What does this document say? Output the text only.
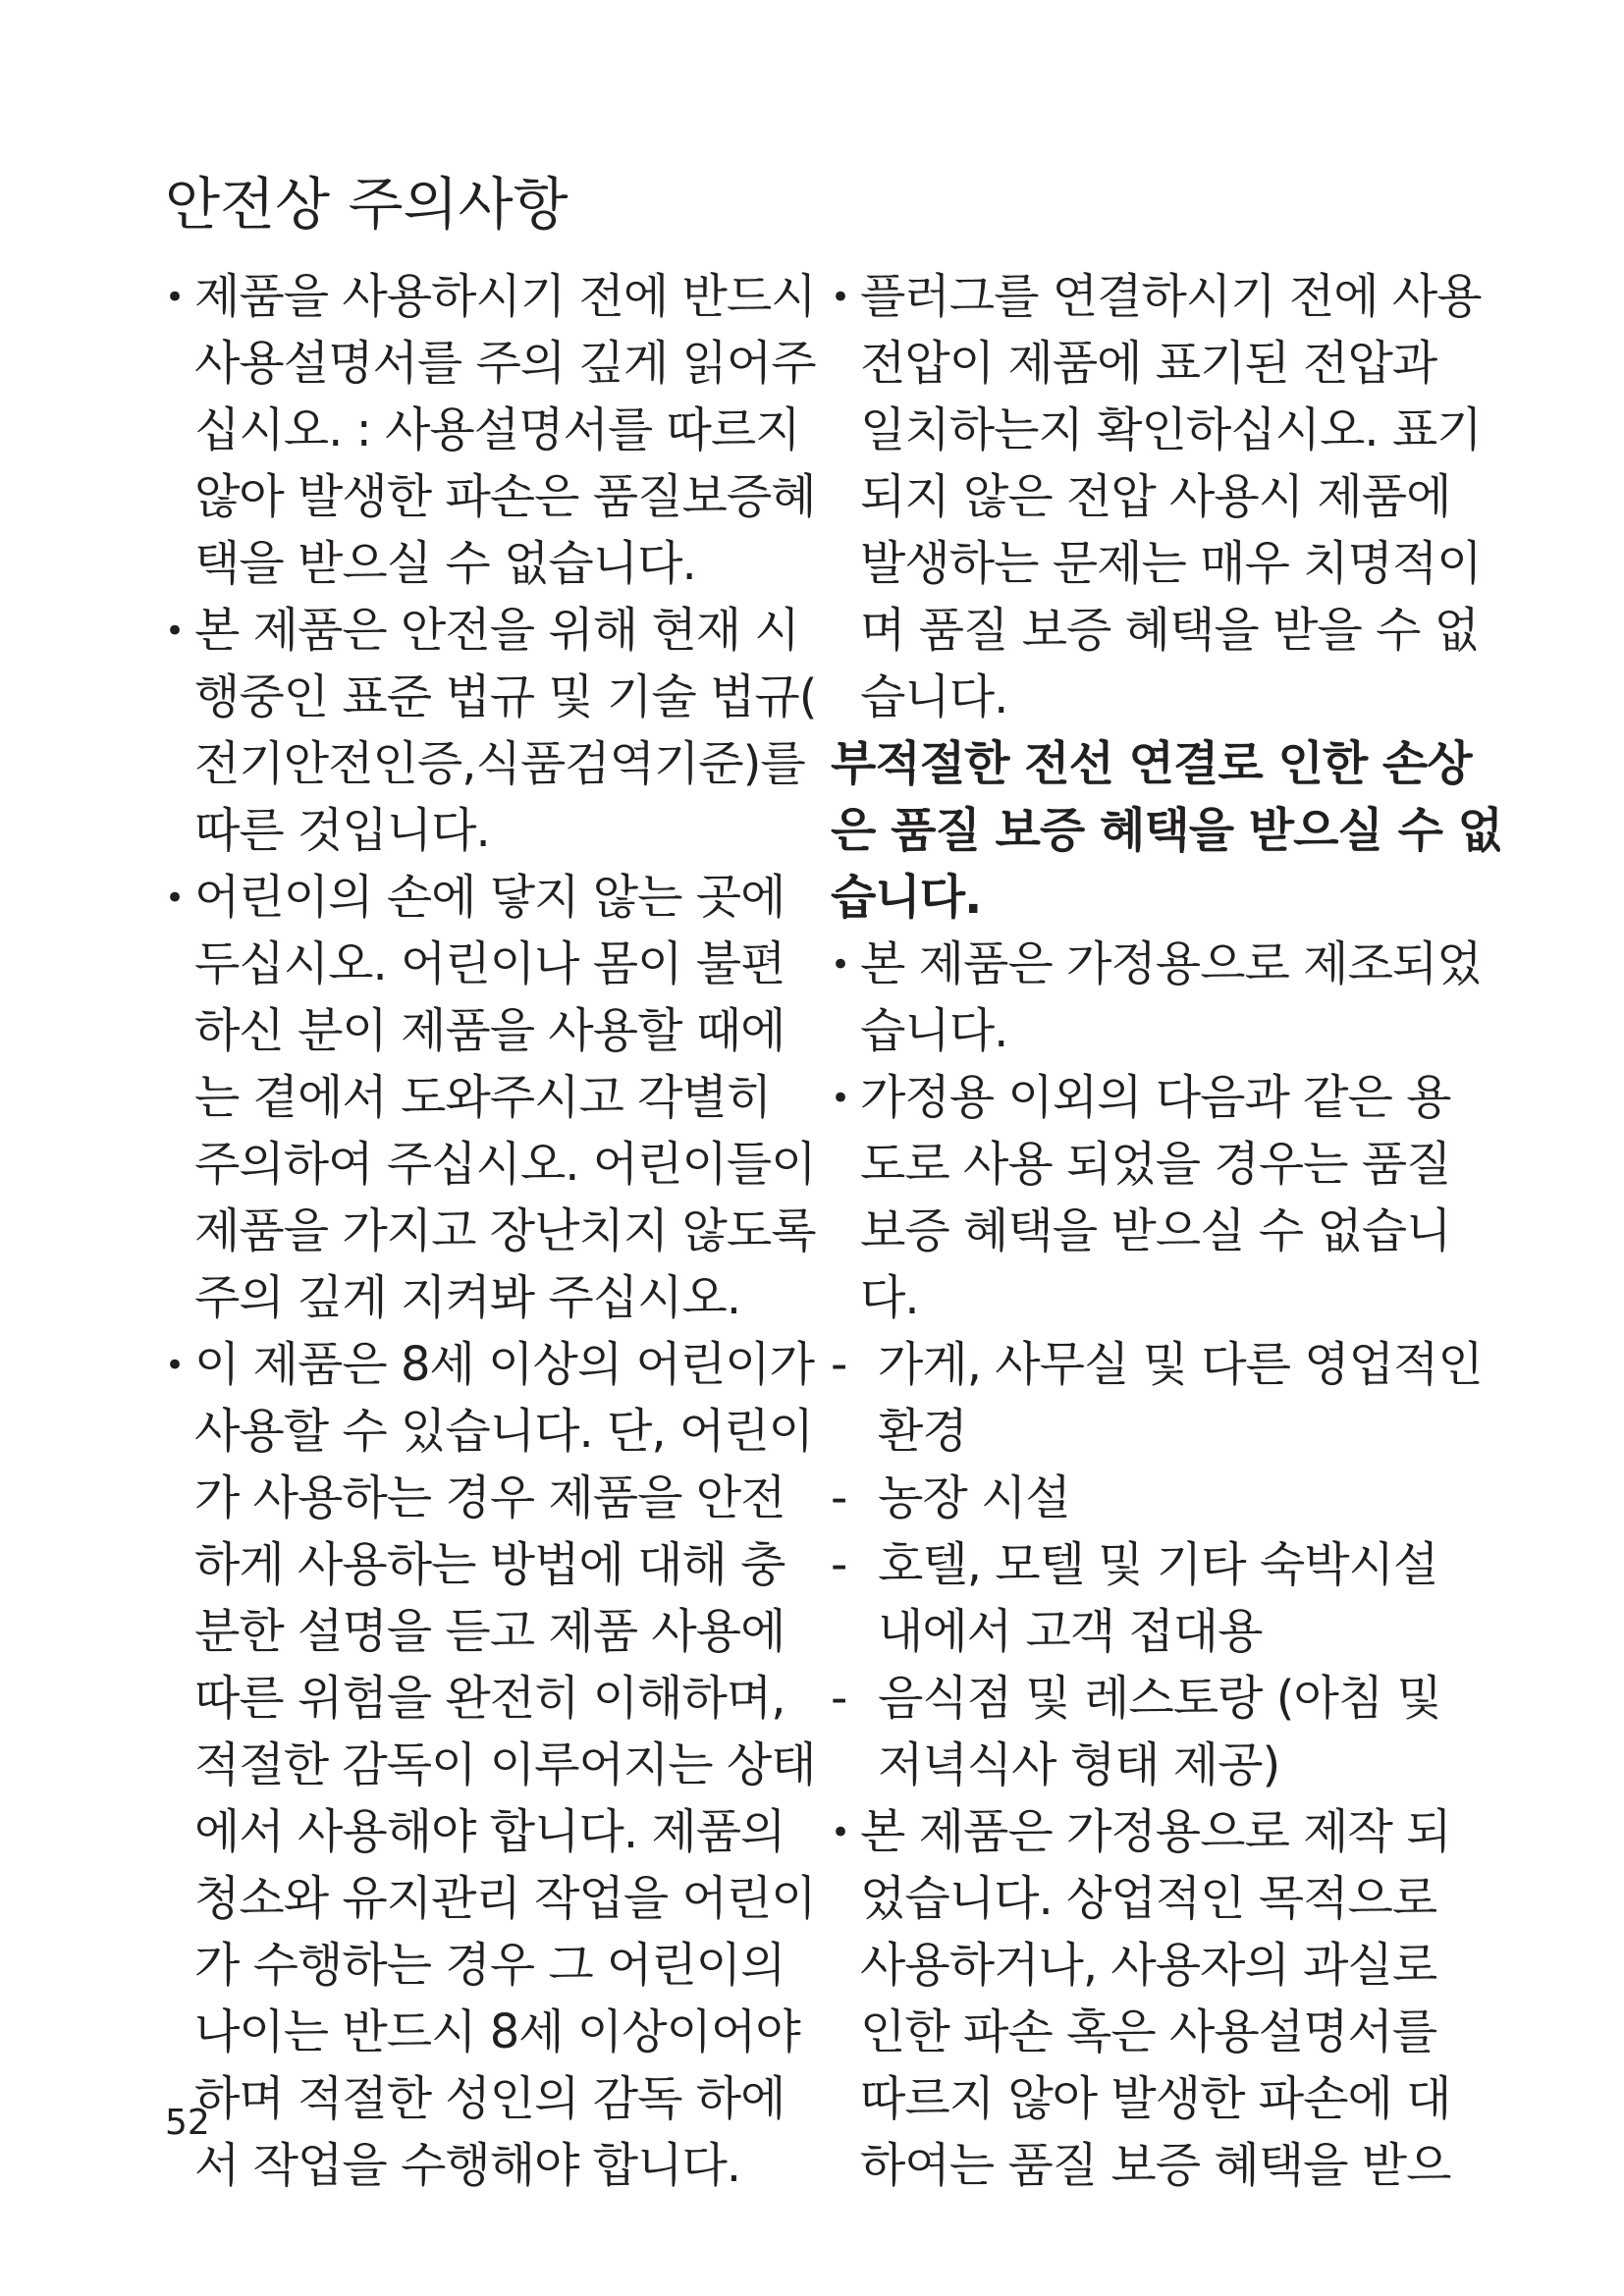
안전상 주의사항
• 제품을 사용하시기 전에 반드시
사용설명서를 주의 깊게 읽어주
십시오. : 사용설명서를 따르지
않아 발생한 파손은 품질보증혜
택을 받으실 수 없습니다.
• 본 제품은 안전을 위해 현재 시
행중인 표준 법규 및 기술 법규(
전기안전인증,식품검역기준)를
따른 것입니다.
• 어린이의 손에 닿지 않는 곳에
두십시오. 어린이나 몸이 불편
하신 분이 제품을 사용할 때에
는 곁에서 도와주시고 각별히
주의하여 주십시오. 어린이들이
제품을 가지고 장난치지 않도록
주의 깊게 지켜봐 주십시오.
• 이 제품은 8세 이상의 어린이가
사용할 수 있습니다. 단, 어린이
가 사용하는 경우 제품을 안전
하게 사용하는 방법에 대해 충
분한 설명을 듣고 제품 사용에
따른 위험을 완전히 이해하며,
적절한 감독이 이루어지는 상태
에서 사용해야 합니다. 제품의
청소와 유지관리 작업을 어린이
가 수행하는 경우 그 어린이의
나이는 반드시 8세 이상이어야
하며 적절한 성인의 감독 하에
서 작업을 수행해야 합니다.
• 플러그를 연결하시기 전에 사용
전압이 제품에 표기된 전압과
일치하는지 확인하십시오. 표기
되지 않은 전압 사용시 제품에
발생하는 문제는 매우 치명적이
며 품질 보증 혜택을 받을 수 없
습니다.
부적절한 전선 연결로 인한 손상
은 품질 보증 혜택을 받으실 수 없
습니다.
• 본 제품은 가정용으로 제조되었
습니다.
• 가정용 이외의 다음과 같은 용
도로 사용 되었을 경우는 품질
보증 혜택을 받으실 수 없습니
다.
- 가게, 사무실 및 다른 영업적인
환경
- 농장 시설
- 호텔, 모텔 및 기타 숙박시설
내에서 고객 접대용
- 음식점 및 레스토랑 (아침 및
저녁식사 형태 제공)
• 본 제품은 가정용으로 제작 되
었습니다. 상업적인 목적으로
사용하거나, 사용자의 과실로
인한 파손 혹은 사용설명서를
따르지 않아 발생한 파손에 대
하여는 품질 보증 혜택을 받으
52
